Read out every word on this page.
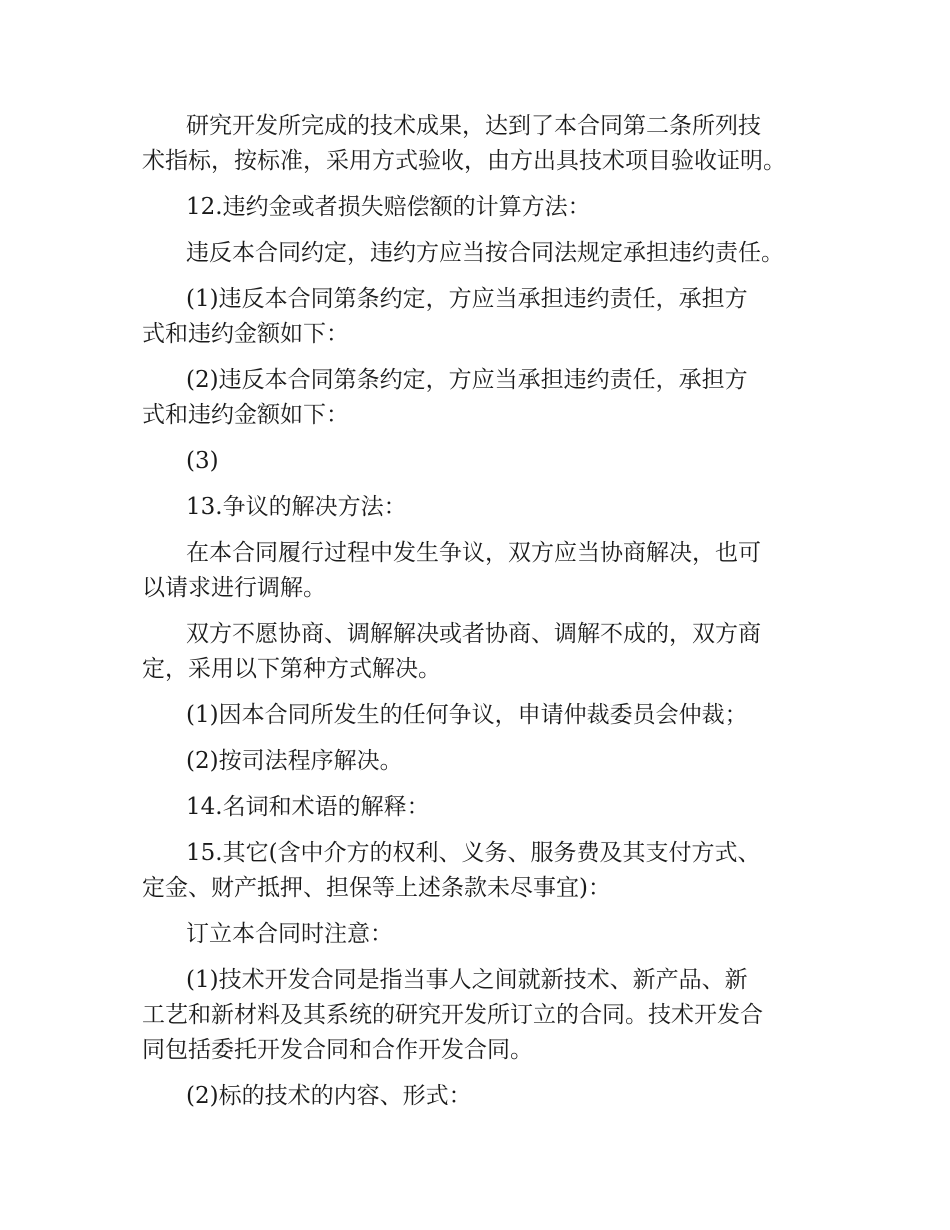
研究开发所完成的技术成果，达到了本合同第二条所列技
术指标，按标准，采用方式验收，由方出具技术项目验收证明。

12.违约金或者损失赔偿额的计算方法：

违反本合同约定，违约方应当按合同法规定承担违约责任。

(1)违反本合同第条约定，方应当承担违约责任，承担方
式和违约金额如下：

(2)违反本合同第条约定，方应当承担违约责任，承担方
式和违约金额如下：

(3)

13.争议的解决方法：

在本合同履行过程中发生争议，双方应当协商解决，也可
以请求进行调解。

双方不愿协商、调解解决或者协商、调解不成的，双方商
定，采用以下第种方式解决。

(1)因本合同所发生的任何争议，申请仲裁委员会仲裁；

(2)按司法程序解决。

14.名词和术语的解释：

15.其它(含中介方的权利、义务、服务费及其支付方式、
定金、财产抵押、担保等上述条款未尽事宜)：

订立本合同时注意：

(1)技术开发合同是指当事人之间就新技术、新产品、新
工艺和新材料及其系统的研究开发所订立的合同。技术开发合
同包括委托开发合同和合作开发合同。

(2)标的技术的内容、形式：
